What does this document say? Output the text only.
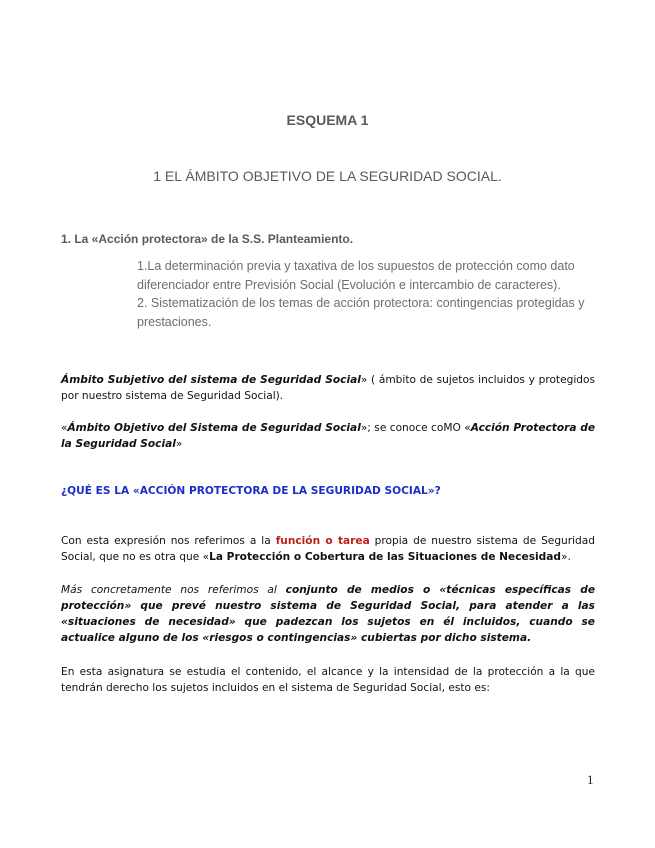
ESQUEMA 1
1 EL ÁMBITO OBJETIVO DE LA SEGURIDAD SOCIAL.
1. La «Acción protectora» de la S.S. Planteamiento.
1.La determinación previa y taxativa de los supuestos de protección como dato diferenciador entre Previsión Social (Evolución e intercambio de caracteres).
2. Sistematización de los temas de acción protectora: contingencias protegidas y prestaciones.
Ámbito Subjetivo del sistema de Seguridad Social» ( ámbito de sujetos incluidos y protegidos por nuestro sistema de Seguridad Social).
«Ámbito Objetivo del Sistema de Seguridad Social»; se conoce coMO «Acción Protectora de la Seguridad Social»
¿QUÉ ES LA «ACCIÓN PROTECTORA DE LA SEGURIDAD SOCIAL»?
Con esta expresión nos referimos a la función o tarea propia de nuestro sistema de Seguridad Social, que no es otra que «La Protección o Cobertura de las Situaciones de Necesidad».
Más concretamente nos referimos al conjunto de medios o «técnicas específicas de protección» que prevé nuestro sistema de Seguridad Social, para atender a las «situaciones de necesidad» que padezcan los sujetos en él incluidos, cuando se actualice alguno de los «riesgos o contingencias» cubiertas por dicho sistema.
En esta asignatura se estudia el contenido, el alcance y la intensidad de la protección a la que tendrán derecho los sujetos incluidos en el sistema de Seguridad Social, esto es:
1
